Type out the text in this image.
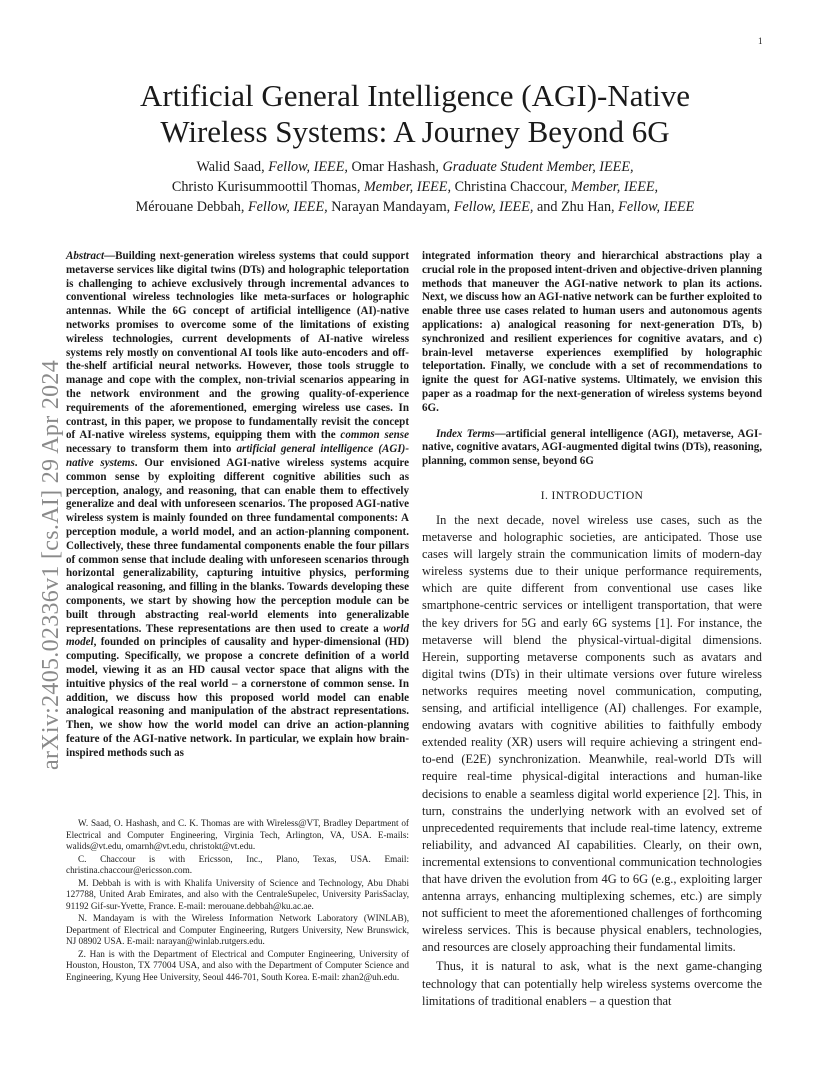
1
arXiv:2405.02336v1 [cs.AI] 29 Apr 2024
Artificial General Intelligence (AGI)-Native
Wireless Systems: A Journey Beyond 6G
Walid Saad, Fellow, IEEE, Omar Hashash, Graduate Student Member, IEEE,
Christo Kurisummoottil Thomas, Member, IEEE, Christina Chaccour, Member, IEEE,
Mérouane Debbah, Fellow, IEEE, Narayan Mandayam, Fellow, IEEE, and Zhu Han, Fellow, IEEE

Abstract—Building next-generation wireless systems that could support metaverse services like digital twins (DTs) and holographic teleportation is challenging to achieve exclusively through incremental advances to conventional wireless technologies like meta-surfaces or holographic antennas. While the 6G concept of artificial intelligence (AI)-native networks promises to overcome some of the limitations of existing wireless technologies, current developments of AI-native wireless systems rely mostly on conventional AI tools like auto-encoders and off-the-shelf artificial neural networks. However, those tools struggle to manage and cope with the complex, non-trivial scenarios appearing in the network environment and the growing quality-of-experience requirements of the aforementioned, emerging wireless use cases. In contrast, in this paper, we propose to fundamentally revisit the concept of AI-native wireless systems, equipping them with the common sense necessary to transform them into artificial general intelligence (AGI)-native systems. Our envisioned AGI-native wireless systems acquire common sense by exploiting different cognitive abilities such as perception, analogy, and reasoning, that can enable them to effectively generalize and deal with unforeseen scenarios. The proposed AGI-native wireless system is mainly founded on three fundamental components: A perception module, a world model, and an action-planning component. Collectively, these three fundamental components enable the four pillars of common sense that include dealing with unforeseen scenarios through horizontal generalizability, capturing intuitive physics, performing analogical reasoning, and filling in the blanks. Towards developing these components, we start by showing how the perception module can be built through abstracting real-world elements into generalizable representations. These representations are then used to create a world model, founded on principles of causality and hyper-dimensional (HD) computing. Specifically, we propose a concrete definition of a world model, viewing it as an HD causal vector space that aligns with the intuitive physics of the real world – a cornerstone of common sense. In addition, we discuss how this proposed world model can enable analogical reasoning and manipulation of the abstract representations. Then, we show how the world model can drive an action-planning feature of the AGI-native network. In particular, we explain how brain-inspired methods such as

integrated information theory and hierarchical abstractions play a crucial role in the proposed intent-driven and objective-driven planning methods that maneuver the AGI-native network to plan its actions. Next, we discuss how an AGI-native network can be further exploited to enable three use cases related to human users and autonomous agents applications: a) analogical reasoning for next-generation DTs, b) synchronized and resilient experiences for cognitive avatars, and c) brain-level metaverse experiences exemplified by holographic teleportation. Finally, we conclude with a set of recommendations to ignite the quest for AGI-native systems. Ultimately, we envision this paper as a roadmap for the next-generation of wireless systems beyond 6G.

Index Terms—artificial general intelligence (AGI), metaverse, AGI-native, cognitive avatars, AGI-augmented digital twins (DTs), reasoning, planning, common sense, beyond 6G

I. INTRODUCTION

In the next decade, novel wireless use cases, such as the metaverse and holographic societies, are anticipated. Those use cases will largely strain the communication limits of modern-day wireless systems due to their unique performance requirements, which are quite different from conventional use cases like smartphone-centric services or intelligent transportation, that were the key drivers for 5G and early 6G systems [1]. For instance, the metaverse will blend the physical-virtual-digital dimensions. Herein, supporting metaverse components such as avatars and digital twins (DTs) in their ultimate versions over future wireless networks requires meeting novel communication, computing, sensing, and artificial intelligence (AI) challenges. For example, endowing avatars with cognitive abilities to faithfully embody extended reality (XR) users will require achieving a stringent end-to-end (E2E) synchronization. Meanwhile, real-world DTs will require real-time physical-digital interactions and human-like decisions to enable a seamless digital world experience [2]. This, in turn, constrains the underlying network with an evolved set of unprecedented requirements that include real-time latency, extreme reliability, and advanced AI capabilities. Clearly, on their own, incremental extensions to conventional communication technologies that have driven the evolution from 4G to 6G (e.g., exploiting larger antenna arrays, enhancing multiplexing schemes, etc.) are simply not sufficient to meet the aforementioned challenges of forthcoming wireless services. This is because physical enablers, technologies, and resources are closely approaching their fundamental limits.

Thus, it is natural to ask, what is the next game-changing technology that can potentially help wireless systems overcome the limitations of traditional enablers – a question that

W. Saad, O. Hashash, and C. K. Thomas are with Wireless@VT, Bradley Department of Electrical and Computer Engineering, Virginia Tech, Arlington, VA, USA. E-mails: walids@vt.edu, omarnh@vt.edu, christokt@vt.edu.

C. Chaccour is with Ericsson, Inc., Plano, Texas, USA. Email: christina.chaccour@ericsson.com.

M. Debbah is with is with Khalifa University of Science and Technology, Abu Dhabi 127788, United Arab Emirates, and also with the CentraleSupelec, University ParisSaclay, 91192 Gif-sur-Yvette, France. E-mail: merouane.debbah@ku.ac.ae.

N. Mandayam is with the Wireless Information Network Laboratory (WINLAB), Department of Electrical and Computer Engineering, Rutgers University, New Brunswick, NJ 08902 USA. E-mail: narayan@winlab.rutgers.edu.

Z. Han is with the Department of Electrical and Computer Engineering, University of Houston, Houston, TX 77004 USA, and also with the Department of Computer Science and Engineering, Kyung Hee University, Seoul 446-701, South Korea. E-mail: zhan2@uh.edu.
